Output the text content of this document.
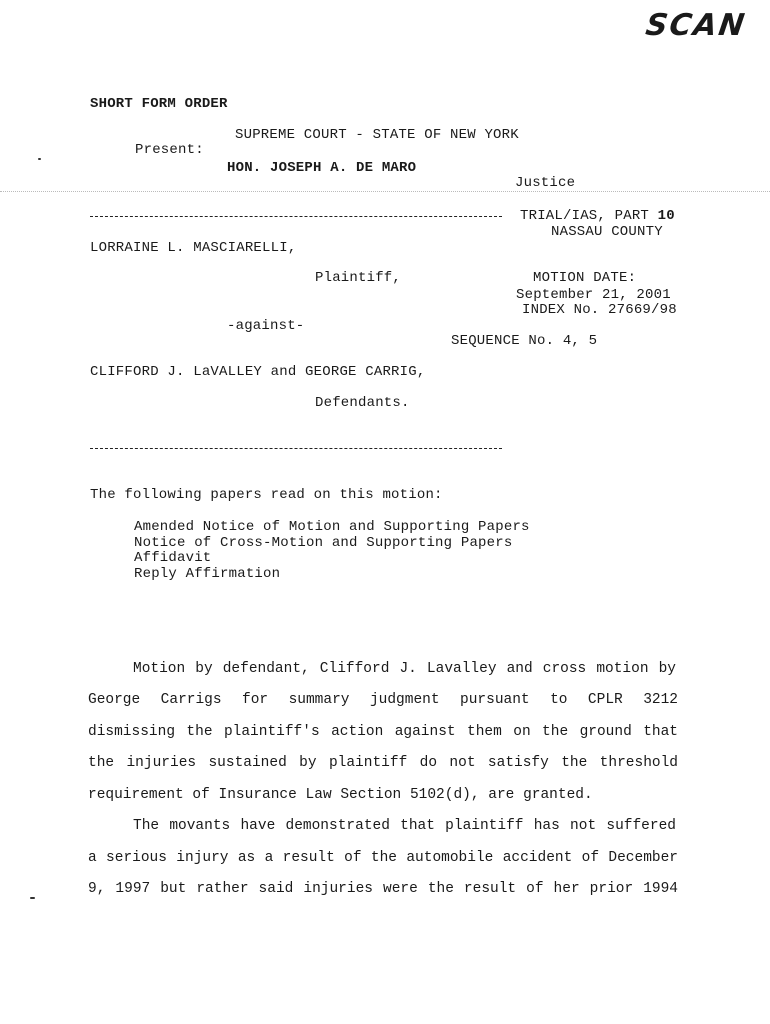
SCAN
SHORT FORM ORDER
SUPREME COURT - STATE OF NEW YORK
Present:
HON. JOSEPH A. DE MARO
Justice
TRIAL/IAS, PART 10
NASSAU COUNTY
LORRAINE L. MASCIARELLI,
Plaintiff,	MOTION DATE:
September 21, 2001
INDEX No. 27669/98
-against-
SEQUENCE No. 4, 5
CLIFFORD J. LaVALLEY and GEORGE CARRIG,
Defendants.
The following papers read on this motion:
Amended Notice of Motion and Supporting Papers
Notice of Cross-Motion and Supporting Papers
Affidavit
Reply Affirmation
Motion by defendant, Clifford J. Lavalley and cross motion by
George Carrigs for summary judgment pursuant to CPLR 3212
dismissing the plaintiff's action against them on the ground that
the injuries sustained by plaintiff do not satisfy the threshold
requirement of Insurance Law Section 5102(d), are granted.
The movants have demonstrated that plaintiff has not suffered
a serious injury as a result of the automobile accident of December
9, 1997 but rather said injuries were the result of her prior 1994
